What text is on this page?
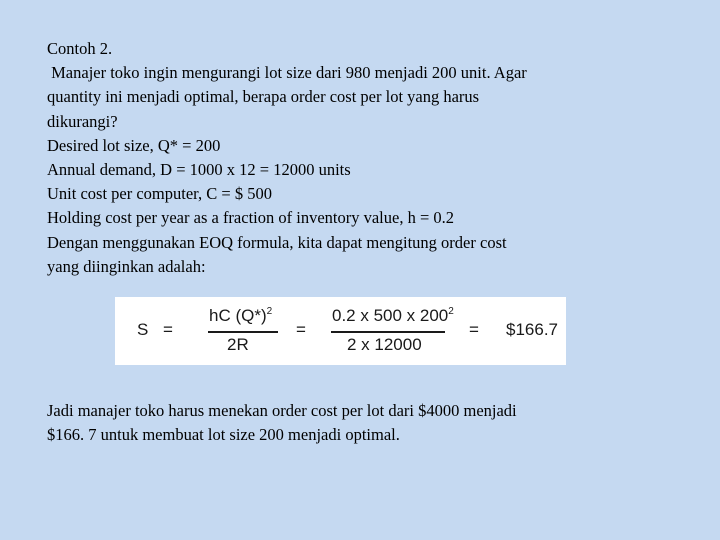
Contoh 2.
Manajer toko ingin mengurangi lot size dari 980 menjadi 200 unit. Agar
quantity ini menjadi optimal, berapa order cost per lot yang harus
dikurangi?
Desired lot size, Q* = 200
Annual demand, D = 1000 x 12 = 12000 units
Unit cost per computer, C = $ 500
Holding cost per year as a fraction of inventory value, h = 0.2
Dengan menggunakan EOQ formula, kita dapat mengitung order cost
yang diinginkan adalah:
S =
hC $(Q*)^2$
2R
=
0.2 x 500 x $200^2$
2 x 12000
= $166.7
Jadi manajer toko harus menekan order cost per lot dari $4000 menjadi
$166. 7 untuk membuat lot size 200 menjadi optimal.
